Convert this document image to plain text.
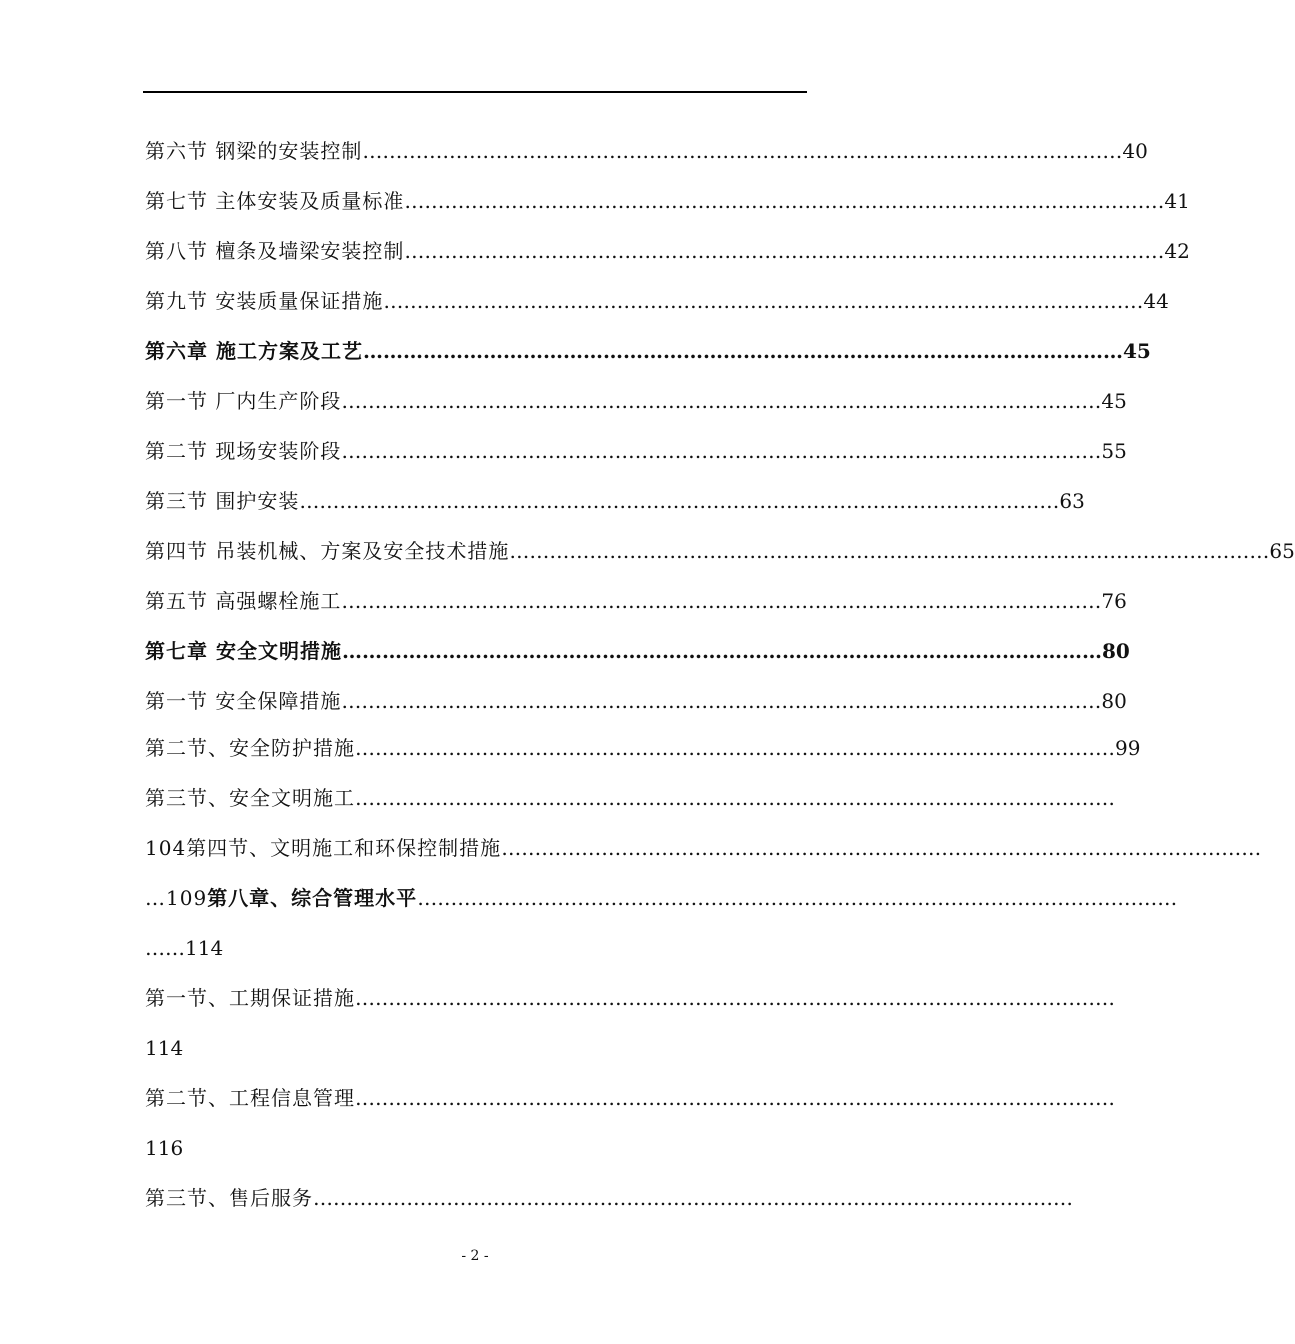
第六节 钢梁的安装控制 …………………………………………………………………………………………………… 40
第七节 主体安装及质量标准 …………………………………………………………………………………………………… 41
第八节 檀条及墙梁安装控制 …………………………………………………………………………………………………… 42
第九节 安装质量保证措施 …………………………………………………………………………………………………… 44
第六章 施工方案及工艺 …………………………………………………………………………………………………… 45
第一节 厂内生产阶段 …………………………………………………………………………………………………… 45
第二节 现场安装阶段 …………………………………………………………………………………………………… 55
第三节 围护安装 …………………………………………………………………………………………………… 63
第四节 吊装机械、方案及安全技术措施 …………………………………………………………………………………………………… 65
第五节 高强螺栓施工 …………………………………………………………………………………………………… 76
第七章 安全文明措施 …………………………………………………………………………………………………… 80
第一节 安全保障措施 …………………………………………………………………………………………………… 80
第二节、安全防护措施 …………………………………………………………………………………………………… 99
第三节、安全文明施工 ……………………………………………………………………………………………………
104 第四节、文明施工和环保控制措施 ……………………………………………………………………………………………………
…109 第八章、综合管理水平 ……………………………………………………………………………………………………
……114
第一节、工期保证措施 ……………………………………………………………………………………………………
114
第二节、工程信息管理 ……………………………………………………………………………………………………
116
第三节、售后服务 ……………………………………………………………………………………………………
- 2 -
